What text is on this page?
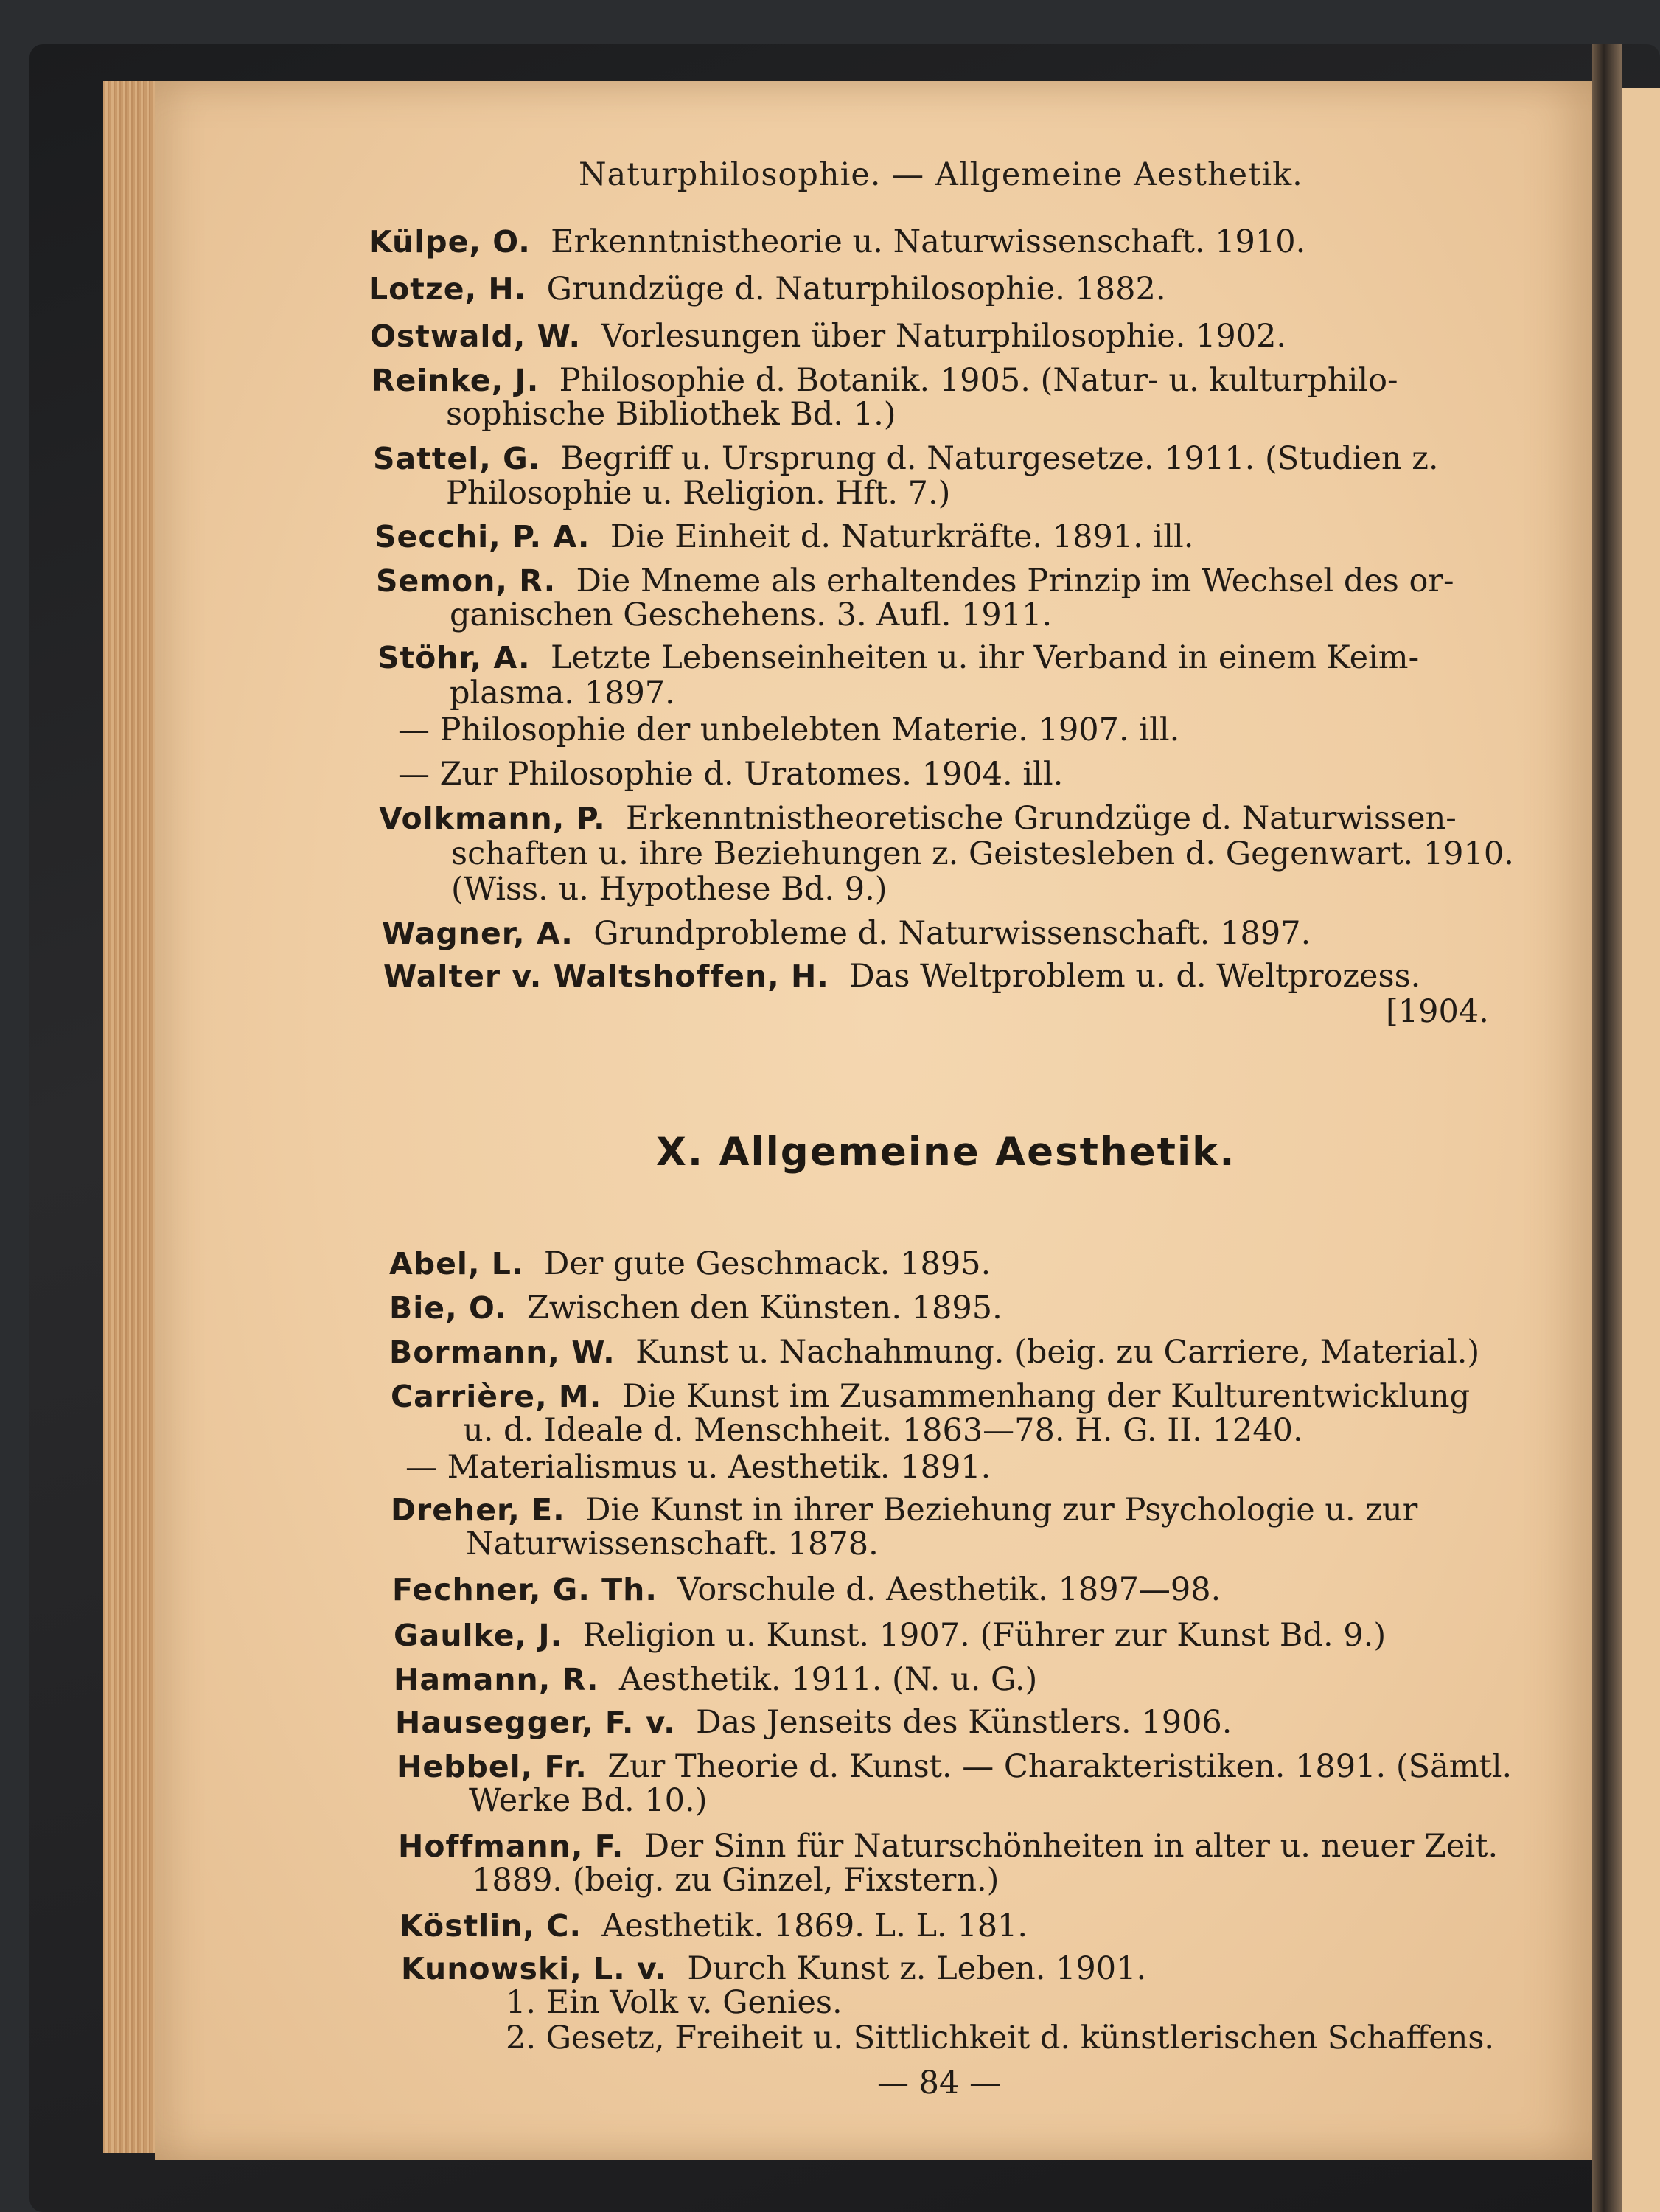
Naturphilosophie. — Allgemeine Aesthetik.
Külpe, O. Erkenntnistheorie u. Naturwissenschaft. 1910.
Lotze, H. Grundzüge d. Naturphilosophie. 1882.
Ostwald, W. Vorlesungen über Naturphilosophie. 1902.
Reinke, J. Philosophie d. Botanik. 1905. (Natur- u. kulturphilo-
sophische Bibliothek Bd. 1.)
Sattel, G. Begriff u. Ursprung d. Naturgesetze. 1911. (Studien z.
Philosophie u. Religion. Hft. 7.)
Secchi, P. A. Die Einheit d. Naturkräfte. 1891. ill.
Semon, R. Die Mneme als erhaltendes Prinzip im Wechsel des or-
ganischen Geschehens. 3. Aufl. 1911.
Stöhr, A. Letzte Lebenseinheiten u. ihr Verband in einem Keim-
plasma. 1897.
— Philosophie der unbelebten Materie. 1907. ill.
— Zur Philosophie d. Uratomes. 1904. ill.
Volkmann, P. Erkenntnistheoretische Grundzüge d. Naturwissen-
schaften u. ihre Beziehungen z. Geistesleben d. Gegenwart. 1910.
(Wiss. u. Hypothese Bd. 9.)
Wagner, A. Grundprobleme d. Naturwissenschaft. 1897.
Walter v. Waltshoffen, H. Das Weltproblem u. d. Weltprozess.
[1904.
X. Allgemeine Aesthetik.
Abel, L. Der gute Geschmack. 1895.
Bie, O. Zwischen den Künsten. 1895.
Bormann, W. Kunst u. Nachahmung. (beig. zu Carriere, Material.)
Carrière, M. Die Kunst im Zusammenhang der Kulturentwicklung
u. d. Ideale d. Menschheit. 1863—78. H. G. II. 1240.
— Materialismus u. Aesthetik. 1891.
Dreher, E. Die Kunst in ihrer Beziehung zur Psychologie u. zur
Naturwissenschaft. 1878.
Fechner, G. Th. Vorschule d. Aesthetik. 1897—98.
Gaulke, J. Religion u. Kunst. 1907. (Führer zur Kunst Bd. 9.)
Hamann, R. Aesthetik. 1911. (N. u. G.)
Hausegger, F. v. Das Jenseits des Künstlers. 1906.
Hebbel, Fr. Zur Theorie d. Kunst. — Charakteristiken. 1891. (Sämtl.
Werke Bd. 10.)
Hoffmann, F. Der Sinn für Naturschönheiten in alter u. neuer Zeit.
1889. (beig. zu Ginzel, Fixstern.)
Köstlin, C. Aesthetik. 1869. L. L. 181.
Kunowski, L. v. Durch Kunst z. Leben. 1901.
1. Ein Volk v. Genies.
2. Gesetz, Freiheit u. Sittlichkeit d. künstlerischen Schaffens.
— 84 —
